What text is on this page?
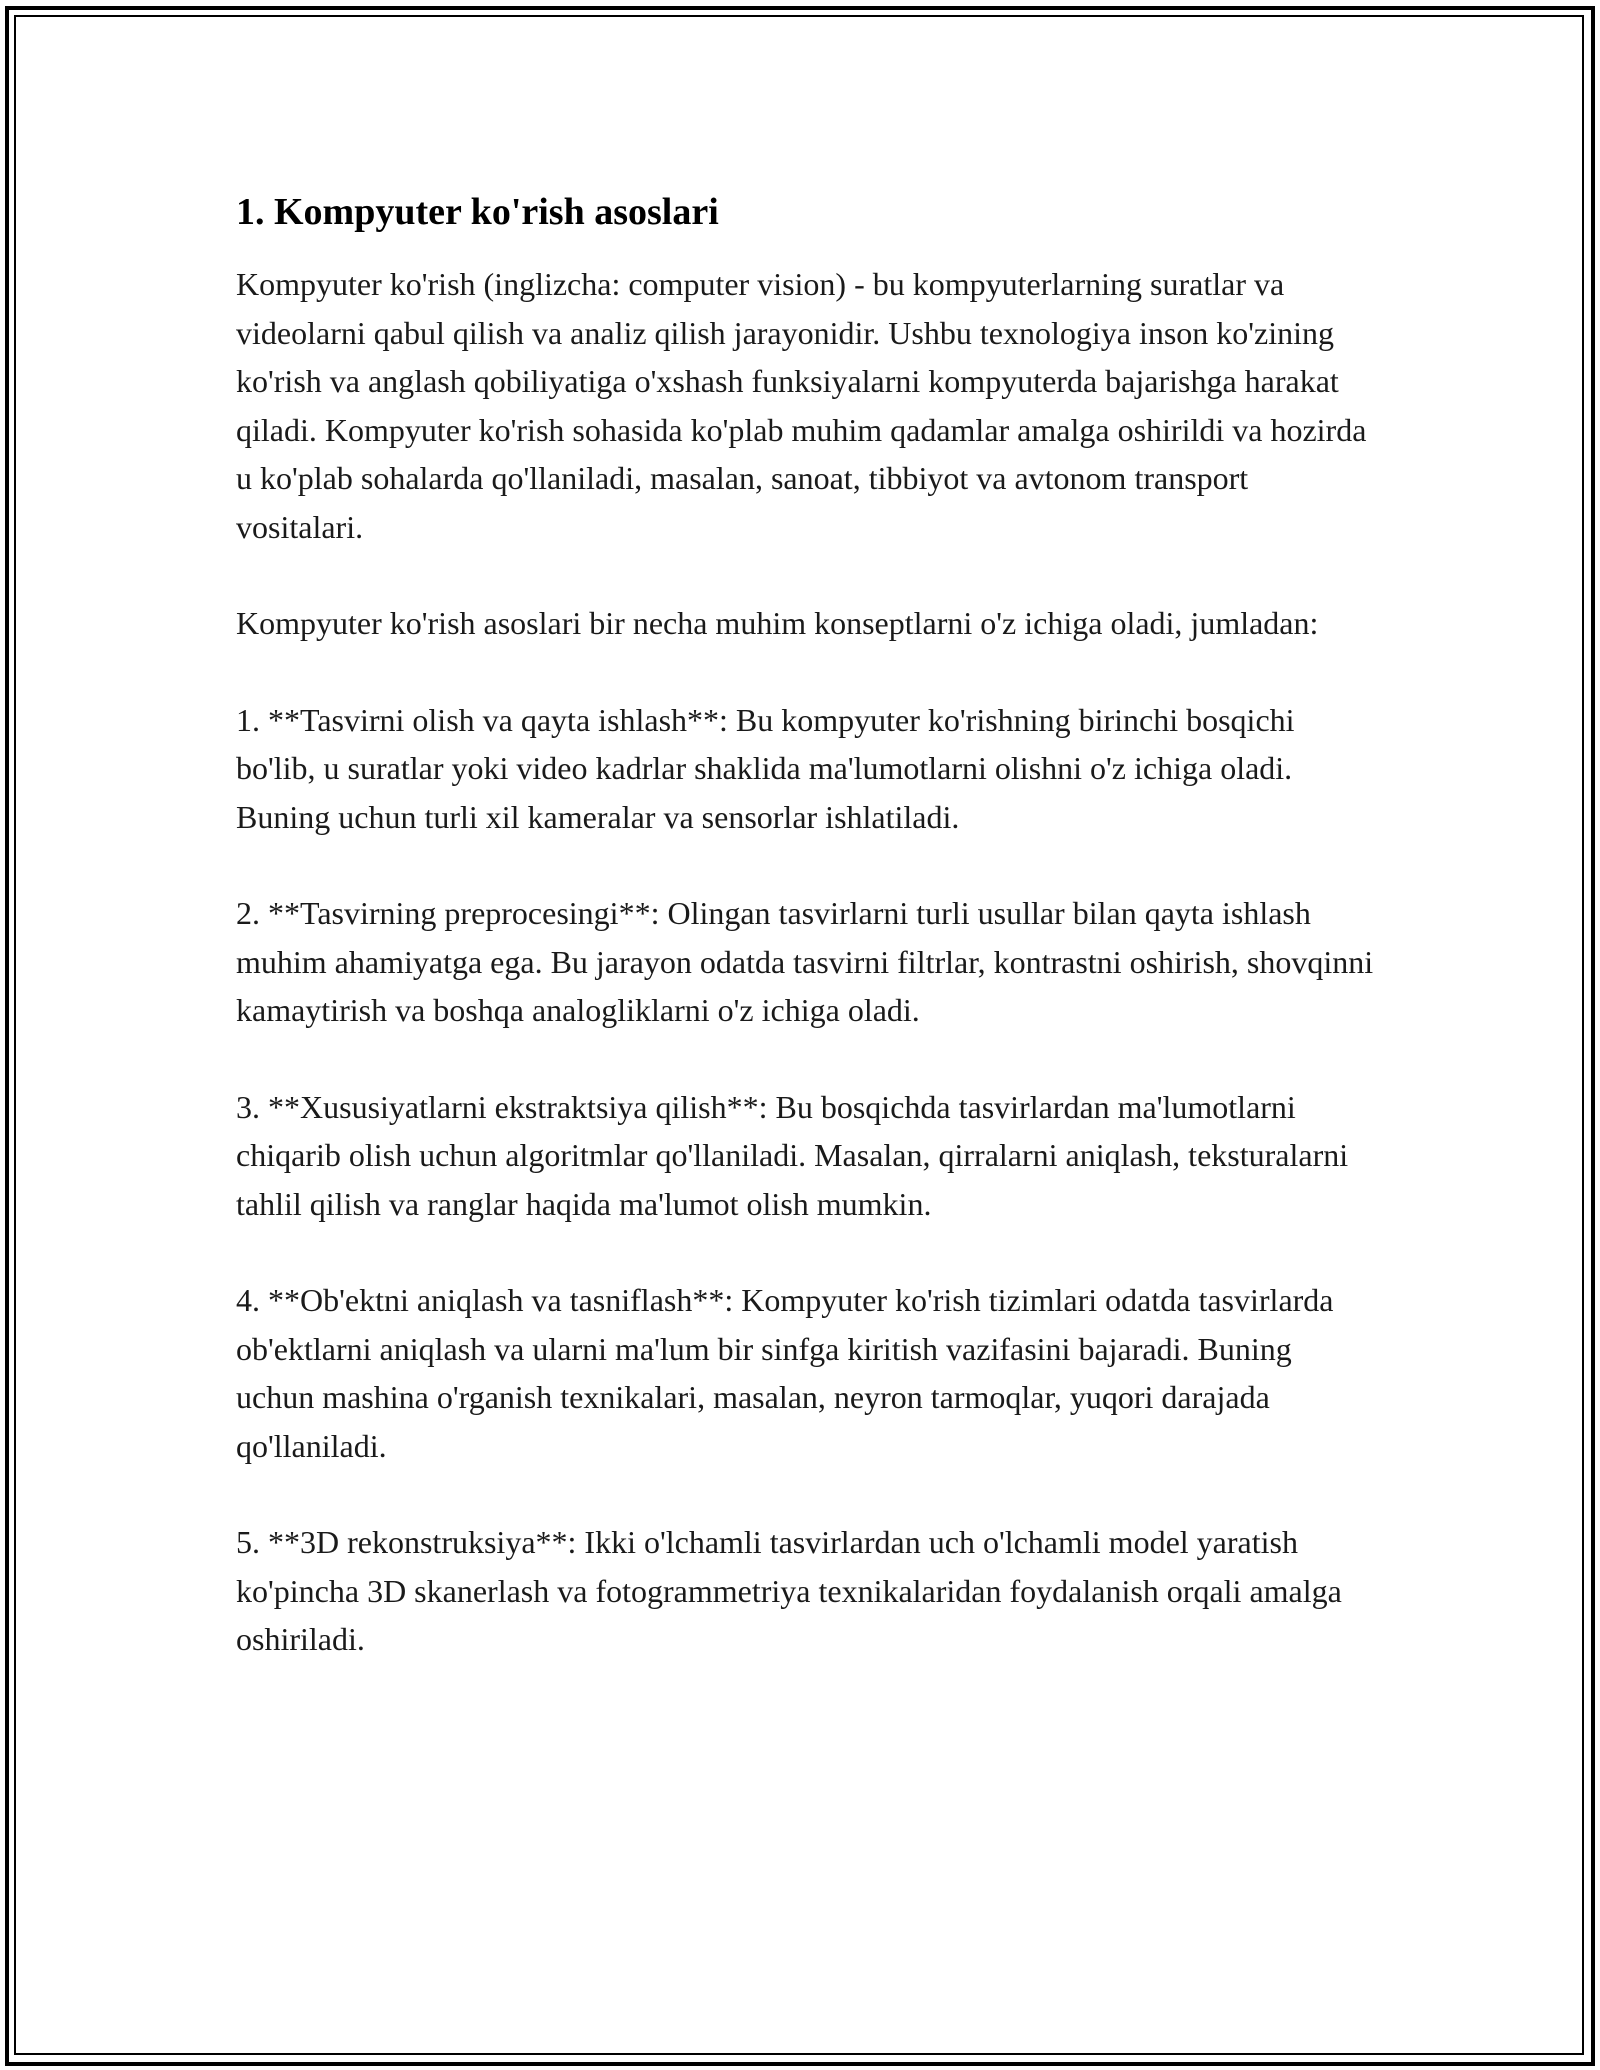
1. Kompyuter ko'rish asoslari

Kompyuter ko'rish (inglizcha: computer vision) - bu kompyuterlarning suratlar va videolarni qabul qilish va analiz qilish jarayonidir. Ushbu texnologiya inson ko'zining ko'rish va anglash qobiliyatiga o'xshash funksiyalarni kompyuterda bajarishga harakat qiladi. Kompyuter ko'rish sohasida ko'plab muhim qadamlar amalga oshirildi va hozirda u ko'plab sohalarda qo'llaniladi, masalan, sanoat, tibbiyot va avtonom transport vositalari.

Kompyuter ko'rish asoslari bir necha muhim konseptlarni o'z ichiga oladi, jumladan:

1. **Tasvirni olish va qayta ishlash**: Bu kompyuter ko'rishning birinchi bosqichi bo'lib, u suratlar yoki video kadrlar shaklida ma'lumotlarni olishni o'z ichiga oladi. Buning uchun turli xil kameralar va sensorlar ishlatiladi.

2. **Tasvirning preprocesingi**: Olingan tasvirlarni turli usullar bilan qayta ishlash muhim ahamiyatga ega. Bu jarayon odatda tasvirni filtrlar, kontrastni oshirish, shovqinni kamaytirish va boshqa analogliklarni o'z ichiga oladi.

3. **Xususiyatlarni ekstraktsiya qilish**: Bu bosqichda tasvirlardan ma'lumotlarni chiqarib olish uchun algoritmlar qo'llaniladi. Masalan, qirralarni aniqlash, teksturalarni tahlil qilish va ranglar haqida ma'lumot olish mumkin.

4. **Ob'ektni aniqlash va tasniflash**: Kompyuter ko'rish tizimlari odatda tasvirlarda ob'ektlarni aniqlash va ularni ma'lum bir sinfga kiritish vazifasini bajaradi. Buning uchun mashina o'rganish texnikalari, masalan, neyron tarmoqlar, yuqori darajada qo'llaniladi.

5. **3D rekonstruksiya**: Ikki o'lchamli tasvirlardan uch o'lchamli model yaratish ko'pincha 3D skanerlash va fotogrammetriya texnikalaridan foydalanish orqali amalga oshiriladi.
